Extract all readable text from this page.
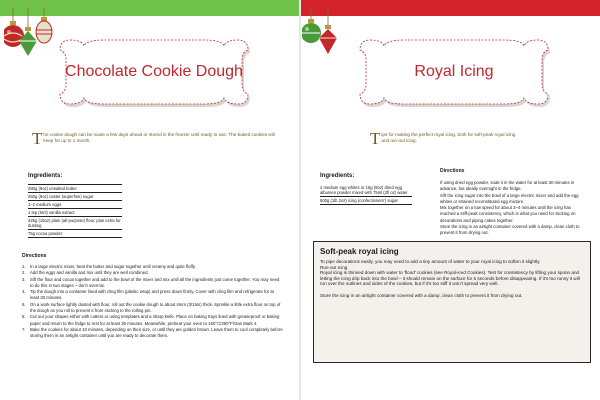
Chocolate Cookie Dough	Royal Icing
T he cookie dough can be made a few days ahead or stored in the freezer until ready to use. The baked cookies will keep for up to 1 month.	T ips for making the perfect royal icing, both for soft-peak royal icing and run-out icing.
Ingredients:
280g (9oz) unsalted butter
260g (9oz) caster (superfine) sugar
1–2 medium eggs
1 tsp (5ml) vanilla extract
425g (15oz) plain (all-purpose) flour, plus extra for dusting
75g cocoa powder
Directions
1. In a large electric mixer, beat the butter and sugar together until creamy and quite fluffy.
2. Add the eggs and vanilla and mix until they are well combined.
3. Sift the flour and cocoa together and add to the bowl of the mixer and mix until all the ingredients just come together. You may need to do this in two stages – don't overmix.
4. Tip the dough into a container lined with cling film (plastic wrap) and press down firmly. Cover with cling film and refrigerate for at least 30 minutes.
5. On a work surface lightly dusted with flour, roll out the cookie dough to about 4mm (3/16in) thick. Sprinkle a little extra flour on top of the dough as you roll to prevent it from sticking to the rolling pin.
6. Cut out your shapes either with cutters or using templates and a sharp knife. Place on baking trays lined with greaseproof or baking paper and return to the fridge to rest for at least 30 minutes. Meanwhile, preheat your oven to 160°C/350°F/Gas Mark 4.
7. Bake the cookies for about 10 minutes, depending on their size, or until they are golden brown. Leave them to cool completely before storing them in an airtight container until you are ready to decorate them.
Ingredients:
2 medium egg whites or 15g (9oz) dried egg albumen powder mixed with 75ml (2fl oz) water
500g (1lb 2oz) icing (confectioners') sugar
Directions

If using dried egg powder, soak it in the water for at least 30 minutes in advance, but ideally overnight in the fridge.

Sift the icing sugar into the bowl of a large electric mixer and add the egg whites or strained reconstituted egg mixture.

Mix together on a low speed for about 3–4 minutes until the icing has reached a stiff-peak consistency, which is what you need for sticking on decorations and piping cakes together.

Store the icing in an airtight container covered with a damp, clean cloth to prevent it from drying out.

Soft-peak royal icing

To pipe decorations easily, you may need to add a tiny amount of water to your royal icing to soften it slightly.

Run-out Icing

Royal icing is thinned down with water to 'flood' cookies (see Royal-iced Cookies). Test for consistency by lifting your spoon and letting the icing drip back into the bowl – it should remain on the surface for 5 seconds before disappearing. If it's too runny it will run over the outlines and sides of the cookies, but if it's too stiff it won't spread very well.

Store the icing in an airtight container covered with a damp, clean cloth to prevent it from drying out.
